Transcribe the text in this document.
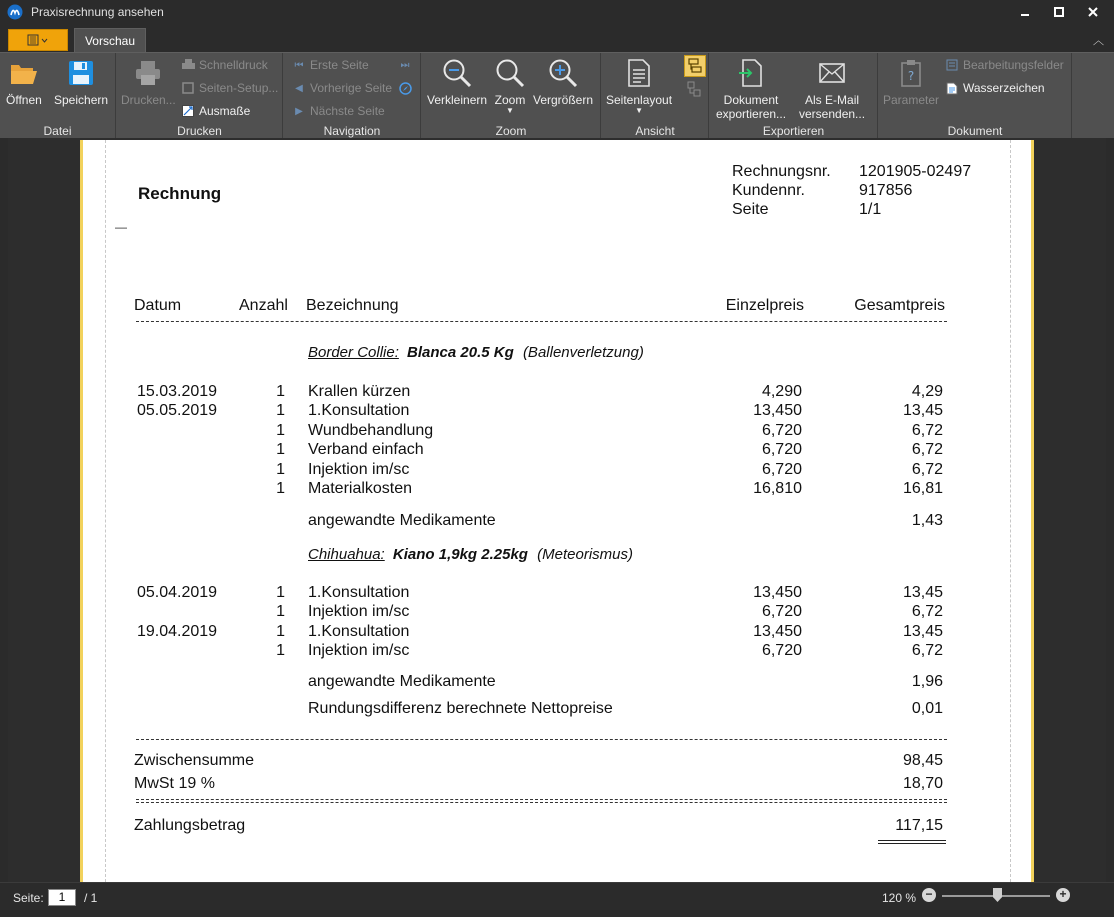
Praxisrechnung ansehen
Vorschau	︿
Öffnen Speichern
Datei
Drucken...
Schnelldruck
Seiten-Setup...
Ausmaße
Drucken
⏮ Erste Seite
◀ Vorherige Seite
▶ Nächste Seite
⏭
Navigation
Verkleinern Zoom
▼
Vergrößern
Zoom
Seitenlayout
▼
Ansicht
Dokument
exportieren...
Als E-Mail
versenden...
Exportieren
?
Parameter
Bearbeitungsfelder
Wasserzeichen
Dokument
—
Rechnung
Rechnungsnr. 1201905-02497
Kundennr.	917856
Seite	1/1
Datum	Anzahl Bezeichnung	Einzelpreis	Gesamtpreis
Border Collie: Blanca 20.5 Kg (Ballenverletzung)
15.03.2019	1 Krallen kürzen	4,290	4,29
05.05.2019	1 1.Konsultation	13,450	13,45
1 Wundbehandlung	6,720	6,72
1 Verband einfach	6,720	6,72
1 Injektion im/sc	6,720	6,72
1 Materialkosten	16,810	16,81
angewandte Medikamente	1,43
Chihuahua: Kiano 1,9kg 2.25kg (Meteorismus)
05.04.2019	1 1.Konsultation	13,450	13,45
1 Injektion im/sc	6,720	6,72
19.04.2019	1 1.Konsultation	13,450	13,45
1 Injektion im/sc	6,720	6,72
angewandte Medikamente	1,96
Rundungsdifferenz berechnete Nettopreise	0,01
Zwischensumme	98,45
MwSt 19 %	18,70
Zahlungsbetrag	117,15
Seite:	1	/ 1	120 % −	+
